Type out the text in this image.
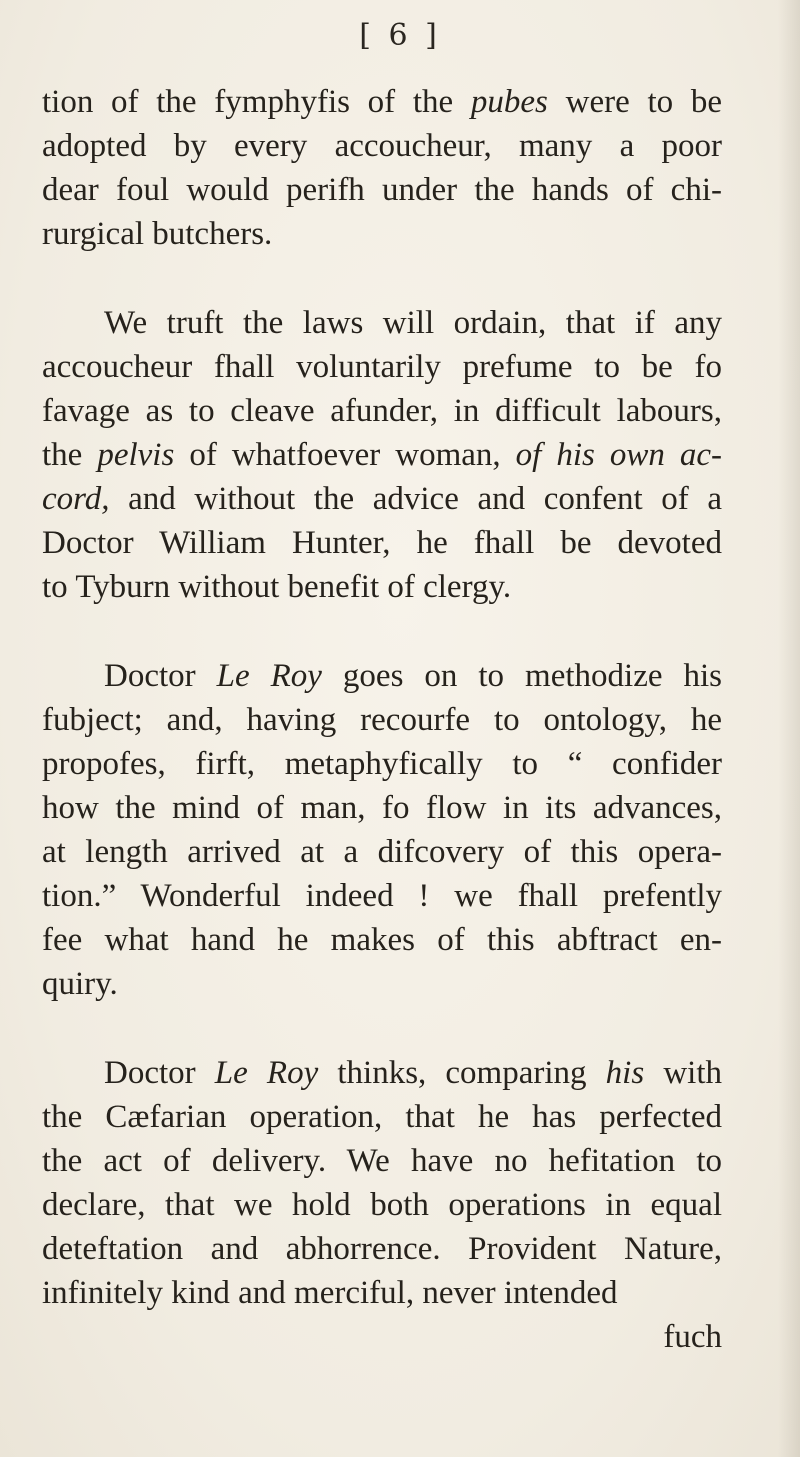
[ 6 ]
tion of the fymphyfis of the pubes were to be
adopted by every accoucheur, many a poor
dear foul would perifh under the hands of chi-
rurgical butchers.
We truft the laws will ordain, that if any
accoucheur fhall voluntarily prefume to be fo
favage as to cleave afunder, in difficult labours,
the pelvis of whatfoever woman, of his own ac-
cord, and without the advice and confent of a
Doctor William Hunter, he fhall be devoted
to Tyburn without benefit of clergy.
Doctor Le Roy goes on to methodize his
fubject; and, having recourfe to ontology, he
propofes, firft, metaphyfically to “ confider
how the mind of man, fo flow in its advances,
at length arrived at a difcovery of this opera-
tion.” Wonderful indeed ! we fhall prefently
fee what hand he makes of this abftract en-
quiry.
Doctor Le Roy thinks, comparing his with
the Cæfarian operation, that he has perfected
the act of delivery. We have no hefitation to
declare, that we hold both operations in equal
deteftation and abhorrence. Provident Nature,
infinitely kind and merciful, never intended
fuch
